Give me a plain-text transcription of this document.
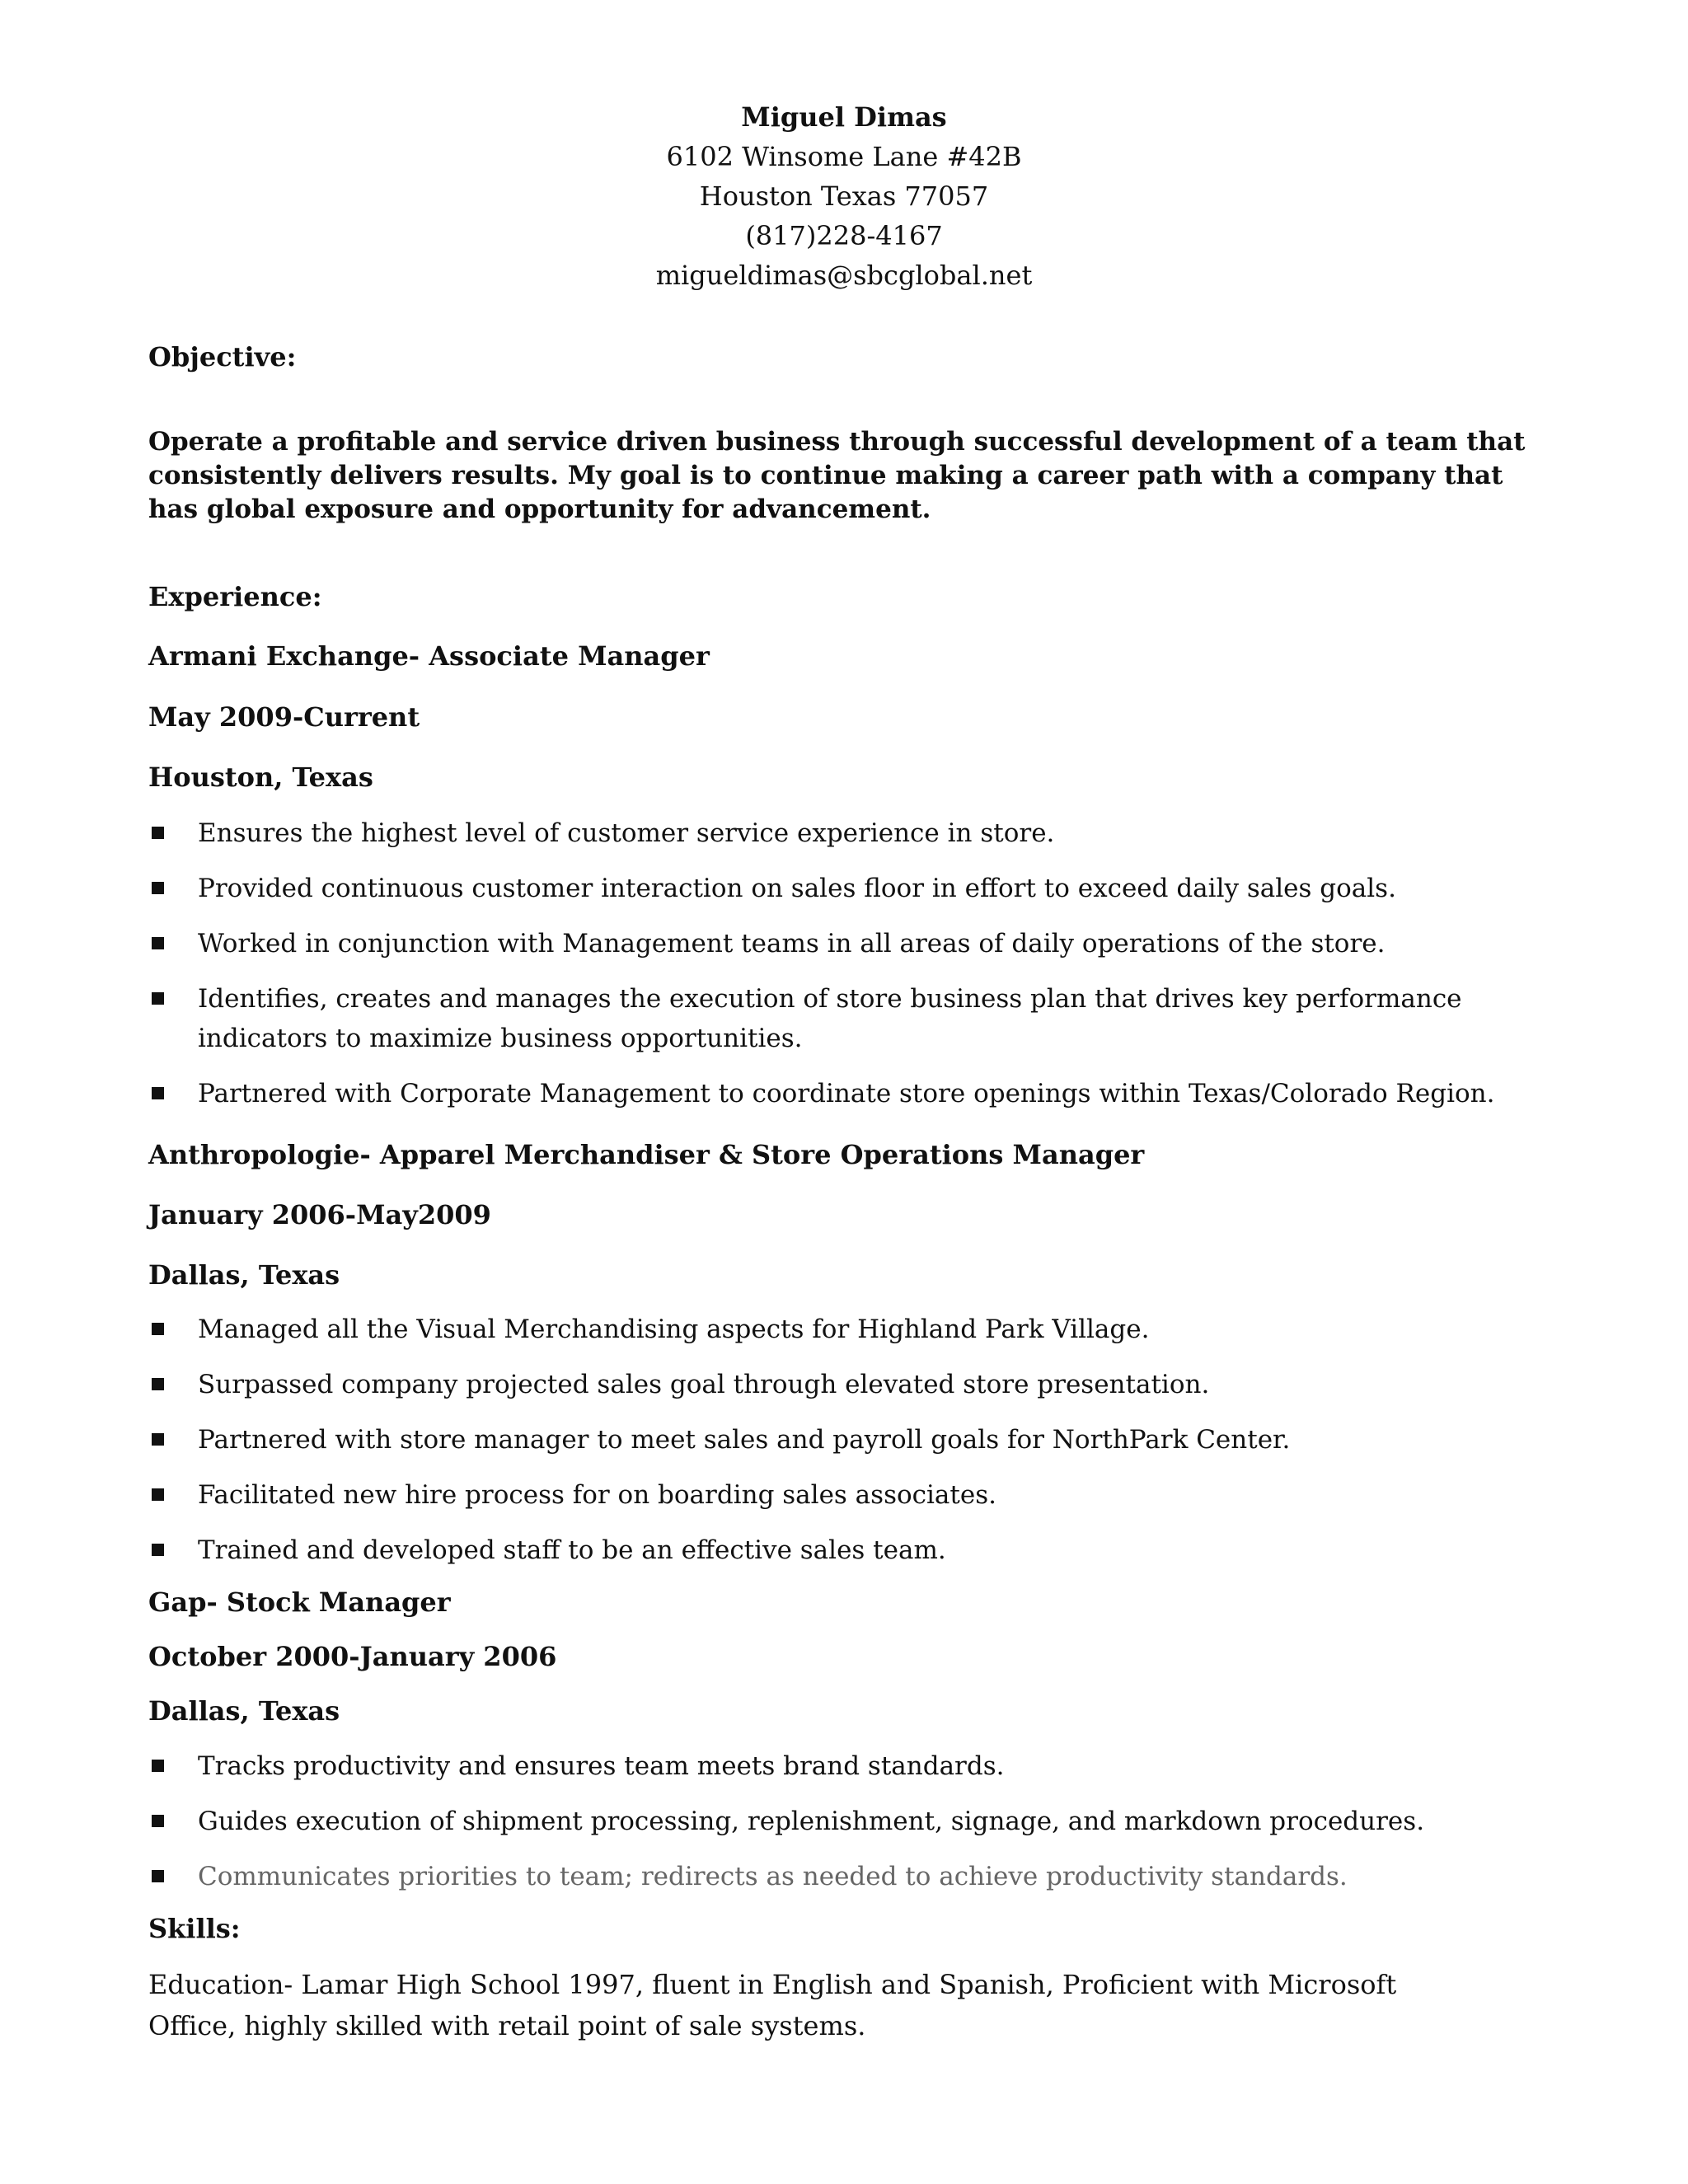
Miguel Dimas
6102 Winsome Lane #42B
Houston Texas 77057
(817)228-4167
migueldimas@sbcglobal.net
Objective:
Operate a profitable and service driven business through successful development of a team that consistently delivers results. My goal is to continue making a career path with a company that has global exposure and opportunity for advancement.
Experience:
Armani Exchange- Associate Manager
May 2009-Current
Houston, Texas
Ensures the highest level of customer service experience in store.
Provided continuous customer interaction on sales floor in effort to exceed daily sales goals.
Worked in conjunction with Management teams in all areas of daily operations of the store.
Identifies, creates and manages the execution of store business plan that drives key performance indicators to maximize business opportunities.
Partnered with Corporate Management to coordinate store openings within Texas/Colorado Region.
Anthropologie- Apparel Merchandiser & Store Operations Manager
January 2006-May2009
Dallas, Texas
Managed all the Visual Merchandising aspects for Highland Park Village.
Surpassed company projected sales goal through elevated store presentation.
Partnered with store manager to meet sales and payroll goals for NorthPark Center.
Facilitated new hire process for on boarding sales associates.
Trained and developed staff to be an effective sales team.
Gap- Stock Manager
October 2000-January 2006
Dallas, Texas
Tracks productivity and ensures team meets brand standards.
Guides execution of shipment processing, replenishment, signage, and markdown procedures.
Communicates priorities to team; redirects as needed to achieve productivity standards.
Skills:
Education- Lamar High School 1997, fluent in English and Spanish, Proficient with Microsoft Office, highly skilled with retail point of sale systems.
